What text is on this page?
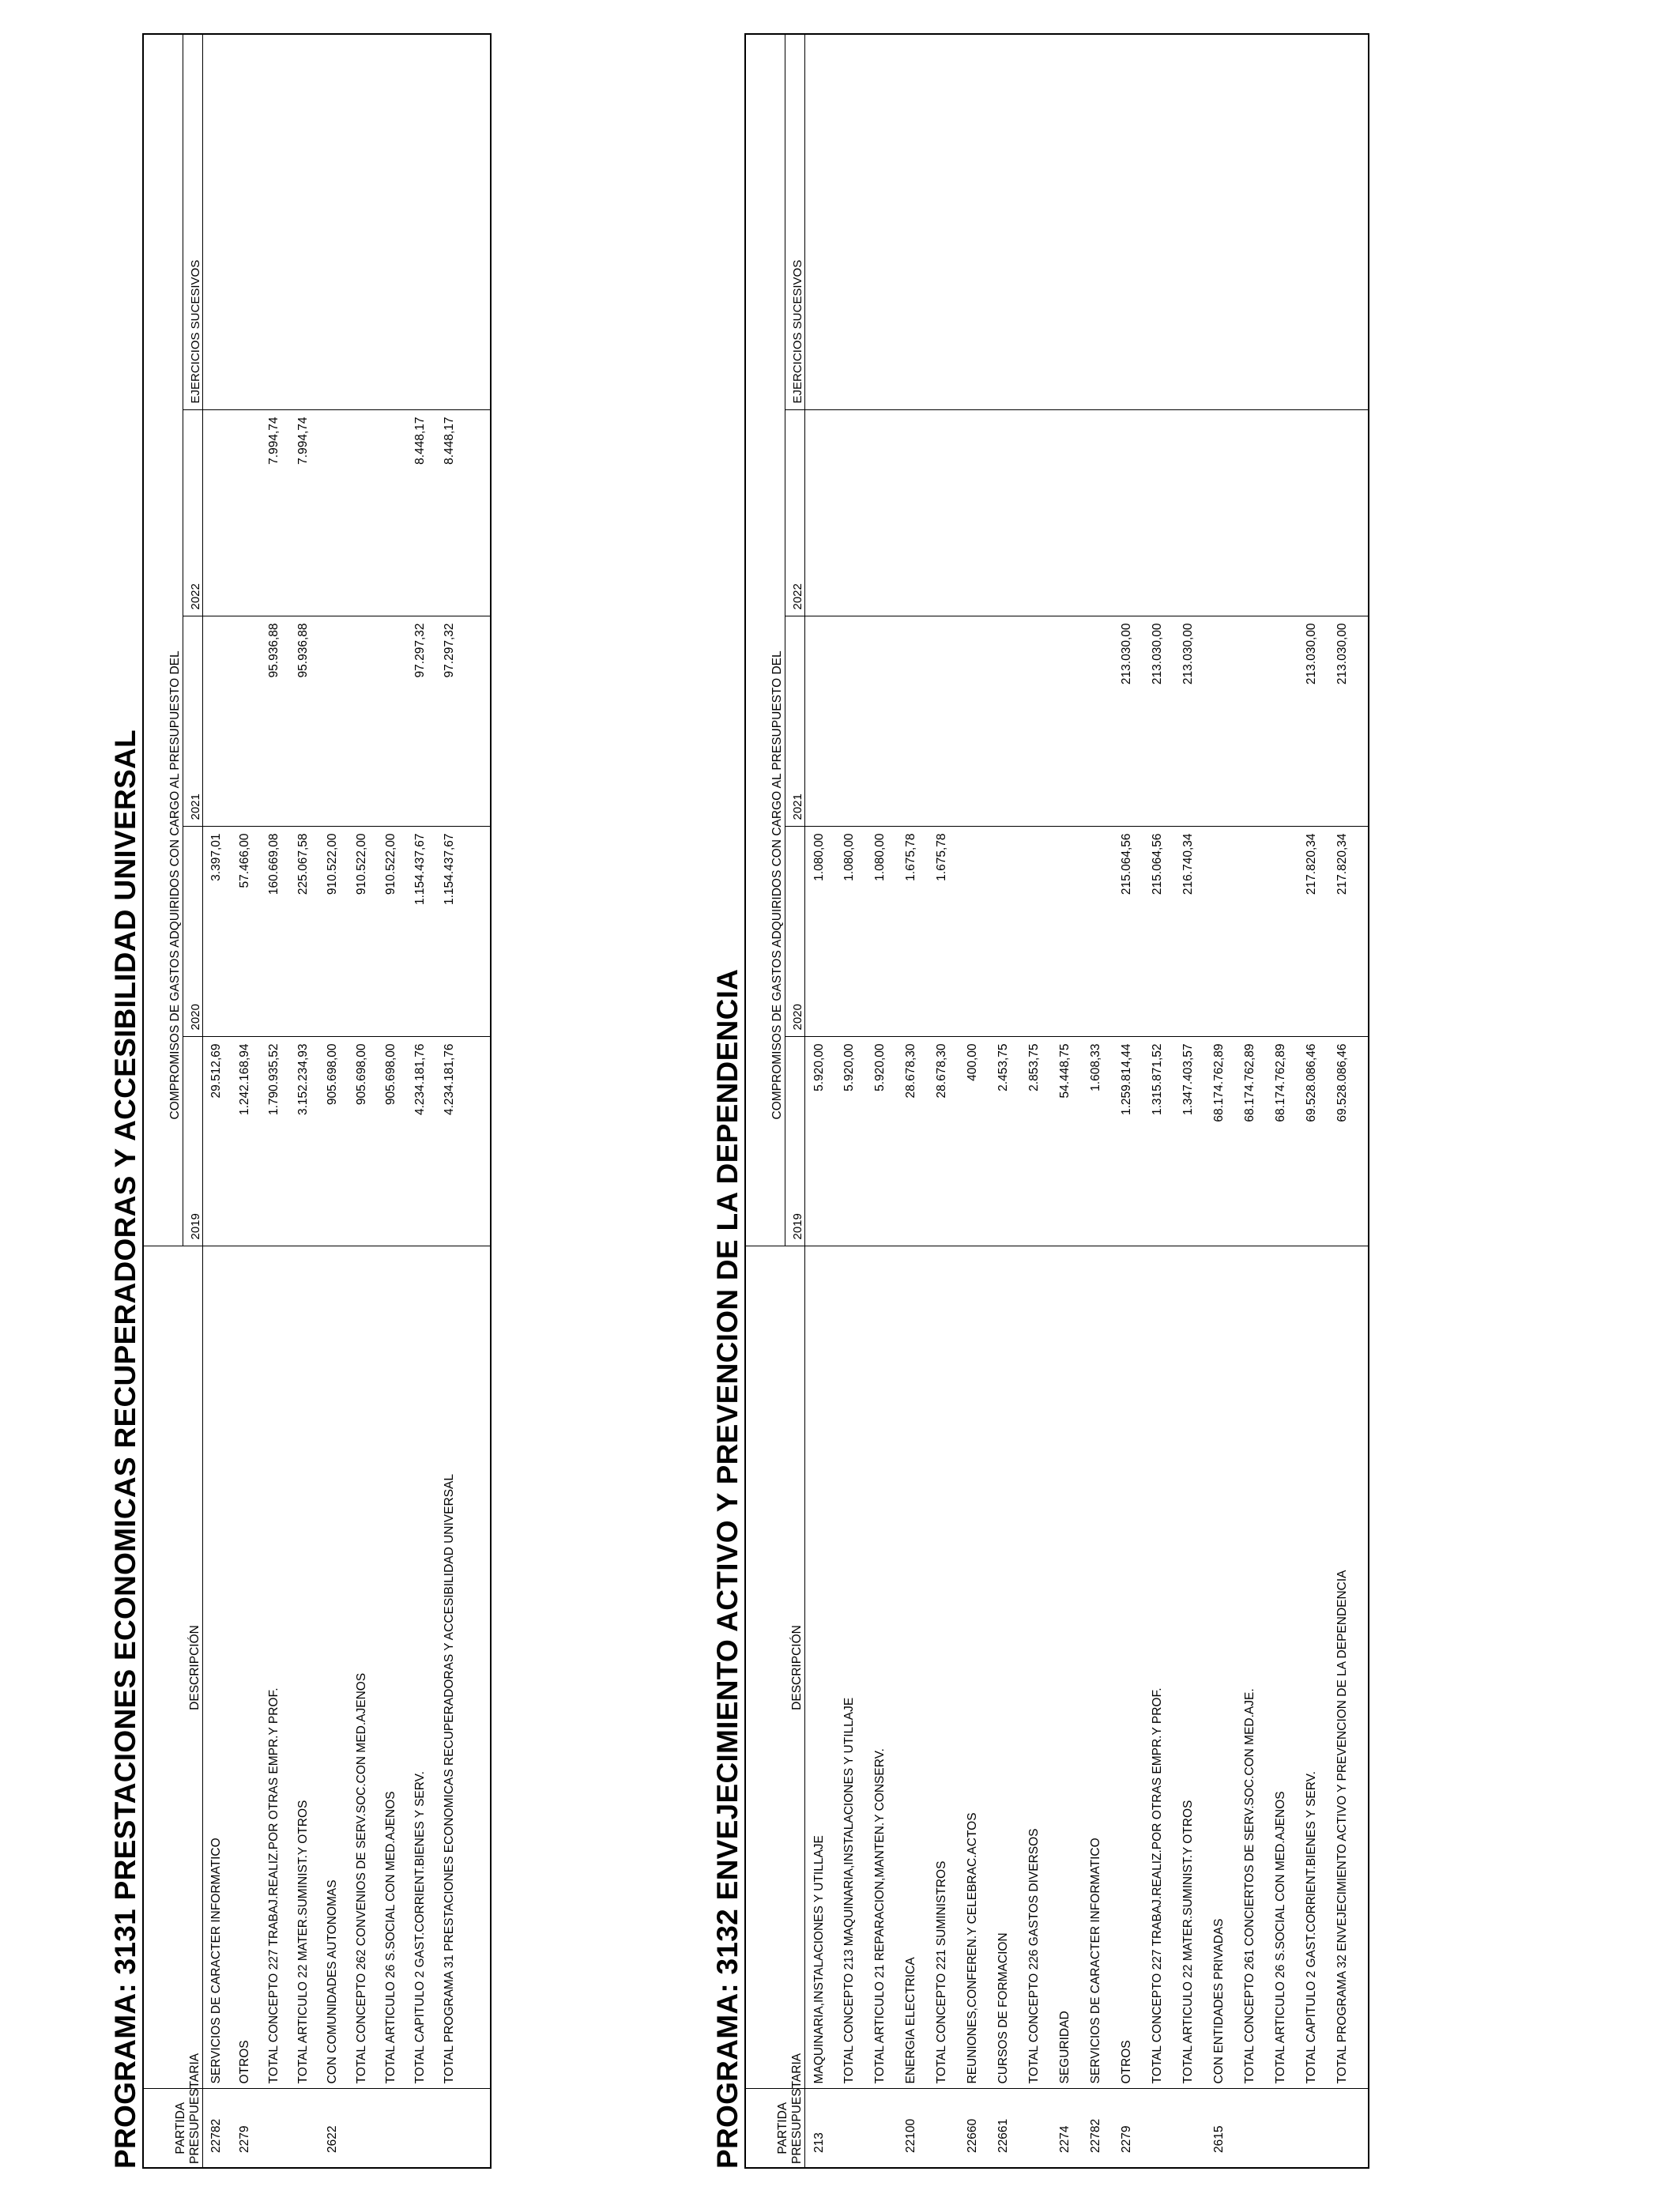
PROGRAMA: 3131 PRESTACIONES ECONOMICAS RECUPERADORAS Y ACCESIBILIDAD UNIVERSAL	PARTIDA PRESUPUESTARIA	DESCRIPCIÓN	COMPROMISOS DE GASTOS ADQUIRIDOS CON CARGO AL PRESUPUESTO DEL				
		2019	2020	2021	2022	EJERCICIOS SUCESIVOS
22782	SERVICIOS DE CARACTER INFORMATICO	29.512,69	3.397,01			
2279	OTROS	1.242.168,94	57.466,00			
	TOTAL CONCEPTO 227 TRABAJ.REALIZ.POR OTRAS EMPR.Y PROF.	1.790.935,52	160.669,08	95.936,88	7.994,74	
	TOTAL ARTICULO 22 MATER.SUMINIST.Y OTROS	3.152.234,93	225.067,58	95.936,88	7.994,74	
2622	CON COMUNIDADES AUTONOMAS	905.698,00	910.522,00			
	TOTAL CONCEPTO 262 CONVENIOS DE SERV.SOC.CON MED.AJENOS	905.698,00	910.522,00			
	TOTAL ARTICULO 26 S.SOCIAL CON MED.AJENOS	905.698,00	910.522,00			
	TOTAL CAPITULO 2 GAST.CORRIENT.BIENES Y SERV.	4.234.181,76	1.154.437,67	97.297,32	8.448,17	
	TOTAL PROGRAMA 31 PRESTACIONES ECONOMICAS RECUPERADORAS Y ACCESIBILIDAD UNIVERSAL	4.234.181,76	1.154.437,67	97.297,32	8.448,17	

PROGRAMA: 3132 ENVEJECIMIENTO ACTIVO Y PREVENCION DE LA DEPENDENCIA	PARTIDA PRESUPUESTARIA	DESCRIPCIÓN	COMPROMISOS DE GASTOS ADQUIRIDOS CON CARGO AL PRESUPUESTO DEL				
		2019	2020	2021	2022	EJERCICIOS SUCESIVOS
213	MAQUINARIA,INSTALACIONES Y UTILLAJE	5.920,00	1.080,00			
	TOTAL CONCEPTO 213 MAQUINARIA,INSTALACIONES Y UTILLAJE	5.920,00	1.080,00			
	TOTAL ARTICULO 21 REPARACION,MANTEN.Y CONSERV.	5.920,00	1.080,00			
22100	ENERGIA ELECTRICA	28.678,30	1.675,78			
	TOTAL CONCEPTO 221 SUMINISTROS	28.678,30	1.675,78			
22660	REUNIONES,CONFEREN.Y CELEBRAC.ACTOS	400,00				
22661	CURSOS DE FORMACION	2.453,75				
	TOTAL CONCEPTO 226 GASTOS DIVERSOS	2.853,75				
2274	SEGURIDAD	54.448,75				
22782	SERVICIOS DE CARACTER INFORMATICO	1.608,33				
2279	OTROS	1.259.814,44	215.064,56	213.030,00		
	TOTAL CONCEPTO 227 TRABAJ.REALIZ.POR OTRAS EMPR.Y PROF.	1.315.871,52	215.064,56	213.030,00		
	TOTAL ARTICULO 22 MATER.SUMINIST.Y OTROS	1.347.403,57	216.740,34	213.030,00		
2615	CON ENTIDADES PRIVADAS	68.174.762,89				
	TOTAL CONCEPTO 261 CONCIERTOS DE SERV.SOC.CON MED.AJE.	68.174.762,89				
	TOTAL ARTICULO 26 S.SOCIAL CON MED.AJENOS	68.174.762,89				
	TOTAL CAPITULO 2 GAST.CORRIENT.BIENES Y SERV.	69.528.086,46	217.820,34	213.030,00		
	TOTAL PROGRAMA 32 ENVEJECIMIENTO ACTIVO Y PREVENCION DE LA DEPENDENCIA	69.528.086,46	217.820,34	213.030,00		
